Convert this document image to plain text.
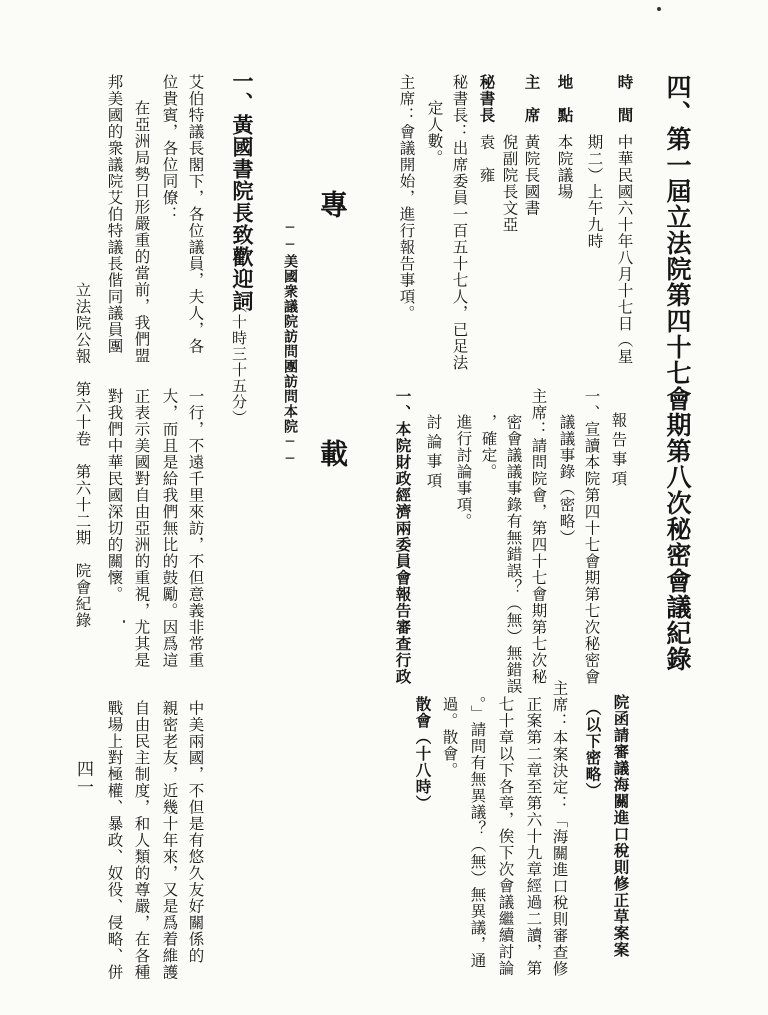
四、第一屆立法院第四十七會期第八次秘密會議紀錄
時　間
中華民國六十年八月十七日（星
期二）上午九時
地　點
本院議場
主　席
黃院長國書
倪副院長文亞
秘書長
袁　雍
秘書長：出席委員一百五十七人，已足法
定人數。
主席：會議開始，進行報告事項。
專　　載
──美國衆議院訪問團訪問本院──
一、黃國書院長致歡迎詞
（十時三十五分）
艾伯特議長閣下，各位議員，夫人，各
位貴賓，各位同僚：
在亞洲局勢日形嚴重的當前，我們盟
邦美國的衆議院艾伯特議長偕同議員團
報告事項
一、宣讀本院第四十七會期第七次秘密會
議議事錄（密略）
主席：請問院會，第四十七會期第七次秘
密會議議事錄有無錯誤？（無）無錯誤
，確定。
進行討論事項。
討論事項
一、本院財政經濟兩委員會報告審查行政
一行，不遠千里來訪，不但意義非常重
大，而且是給我們無比的鼓勵。因爲這
正表示美國對自由亞洲的重視，尤其是
對我們中華民國深切的關懷。
立法院公報　第六十卷　第六十二期　院會紀錄
院函請審議海關進口稅則修正草案案
（以下密略）
主席：本案決定：「海關進口稅則審查修
正案第二章至第六十九章經過二讀，第
七十章以下各章，俟下次會議繼續討論
。」請問有無異議？（無）無異議，通
過。散會。
散會（十八時）
中美兩國，不但是有悠久友好關係的
親密老友，近幾十年來，又是爲着維護
自由民主制度，和人類的尊嚴，在各種
戰場上對極權、暴政、奴役、侵略、併
四一
